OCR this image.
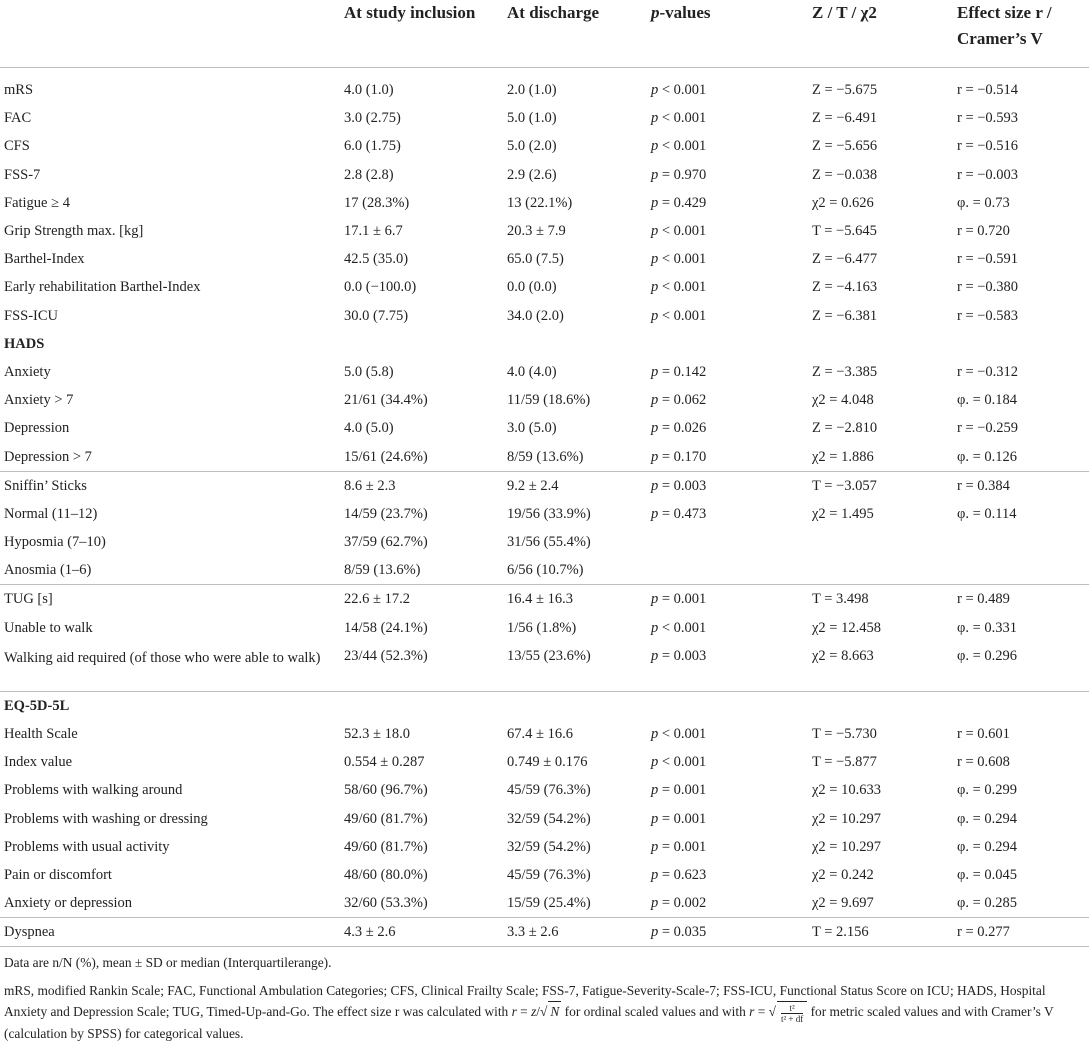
	At study inclusion	At discharge	p-values	Z / T / χ2	Effect size r / Cramer’s V
mRS	4.0 (1.0)	2.0 (1.0)	p < 0.001	Z = −5.675	r = −0.514
FAC	3.0 (2.75)	5.0 (1.0)	p < 0.001	Z = −6.491	r = −0.593
CFS	6.0 (1.75)	5.0 (2.0)	p < 0.001	Z = −5.656	r = −0.516
FSS-7	2.8 (2.8)	2.9 (2.6)	p = 0.970	Z = −0.038	r = −0.003
Fatigue ≥ 4	17 (28.3%)	13 (22.1%)	p = 0.429	χ2 = 0.626	φ. = 0.73
Grip Strength max. [kg]	17.1 ± 6.7	20.3 ± 7.9	p < 0.001	T = −5.645	r = 0.720
Barthel-Index	42.5 (35.0)	65.0 (7.5)	p < 0.001	Z = −6.477	r = −0.591
Early rehabilitation Barthel-Index	0.0 (−100.0)	0.0 (0.0)	p < 0.001	Z = −4.163	r = −0.380
FSS-ICU	30.0 (7.75)	34.0 (2.0)	p < 0.001	Z = −6.381	r = −0.583
HADS					
Anxiety	5.0 (5.8)	4.0 (4.0)	p = 0.142	Z = −3.385	r = −0.312
Anxiety > 7	21/61 (34.4%)	11/59 (18.6%)	p = 0.062	χ2 = 4.048	φ. = 0.184
Depression	4.0 (5.0)	3.0 (5.0)	p = 0.026	Z = −2.810	r = −0.259
Depression > 7	15/61 (24.6%)	8/59 (13.6%)	p = 0.170	χ2 = 1.886	φ. = 0.126
Sniffin’ Sticks	8.6 ± 2.3	9.2 ± 2.4	p = 0.003	T = −3.057	r = 0.384
Normal (11–12)	14/59 (23.7%)	19/56 (33.9%)	p = 0.473	χ2 = 1.495	φ. = 0.114
Hyposmia (7–10)	37/59 (62.7%)	31/56 (55.4%)			
Anosmia (1–6)	8/59 (13.6%)	6/56 (10.7%)			
TUG [s]	22.6 ± 17.2	16.4 ± 16.3	p = 0.001	T = 3.498	r = 0.489
Unable to walk	14/58 (24.1%)	1/56 (1.8%)	p < 0.001	χ2 = 12.458	φ. = 0.331
Walking aid required (of those who were able to walk)	23/44 (52.3%)	13/55 (23.6%)	p = 0.003	χ2 = 8.663	φ. = 0.296
EQ-5D-5L					
Health Scale	52.3 ± 18.0	67.4 ± 16.6	p < 0.001	T = −5.730	r = 0.601
Index value	0.554 ± 0.287	0.749 ± 0.176	p < 0.001	T = −5.877	r = 0.608
Problems with walking around	58/60 (96.7%)	45/59 (76.3%)	p = 0.001	χ2 = 10.633	φ. = 0.299
Problems with washing or dressing	49/60 (81.7%)	32/59 (54.2%)	p = 0.001	χ2 = 10.297	φ. = 0.294
Problems with usual activity	49/60 (81.7%)	32/59 (54.2%)	p = 0.001	χ2 = 10.297	φ. = 0.294
Pain or discomfort	48/60 (80.0%)	45/59 (76.3%)	p = 0.623	χ2 = 0.242	φ. = 0.045
Anxiety or depression	32/60 (53.3%)	15/59 (25.4%)	p = 0.002	χ2 = 9.697	φ. = 0.285
Dyspnea	4.3 ± 2.6	3.3 ± 2.6	p = 0.035	T = 2.156	r = 0.277

Data are n/N (%), mean ± SD or median (Interquartilerange).

mRS, modified Rankin Scale; FAC, Functional Ambulation Categories; CFS, Clinical Frailty Scale; FSS-7, Fatigue-Severity-Scale-7; FSS-ICU, Functional Status Score on ICU; HADS, Hospital Anxiety and Depression Scale; TUG, Timed-Up-and-Go. The effect size r was calculated with r = z/√ N for ordinal scaled values and with r = √ $\frac{\text{t²}}{\text{t² + df}}$ for metric scaled values and with Cramer’s V (calculation by SPSS) for categorical values.
